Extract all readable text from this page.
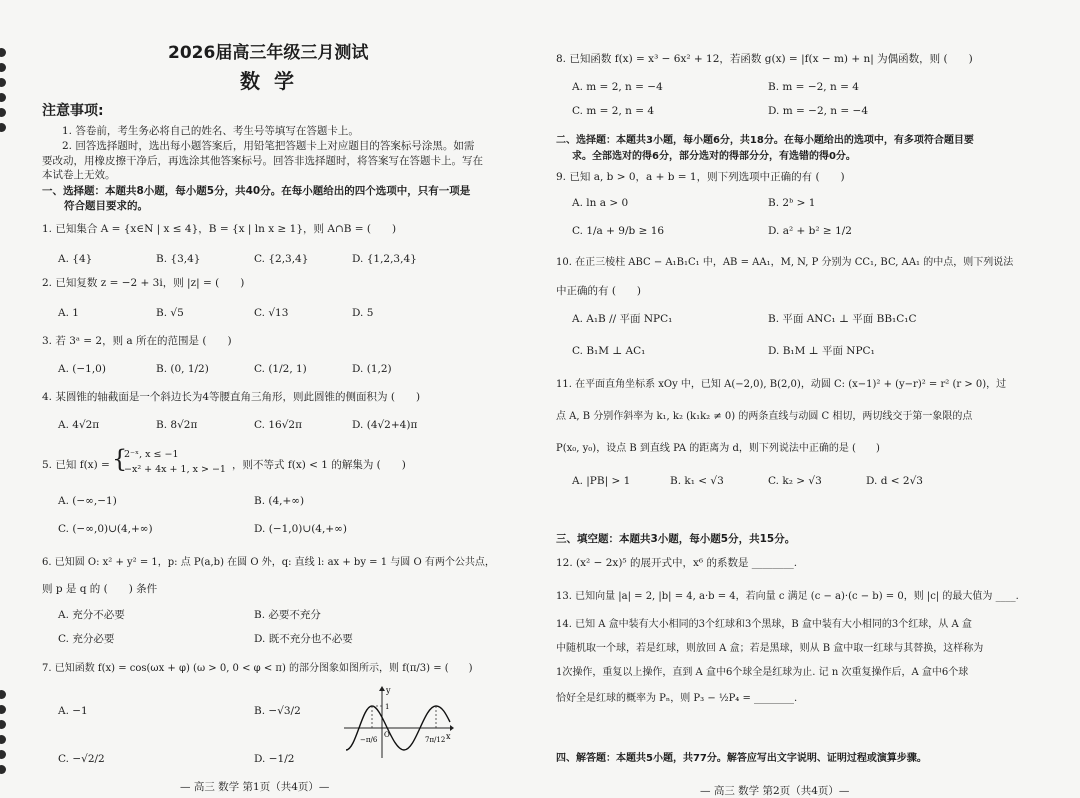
2026届高三年级三月测试
数学
注意事项:
1. 答卷前，考生务必将自己的姓名、考生号等填写在答题卡上。
2. 回答选择题时，选出每小题答案后，用铅笔把答题卡上对应题目的答案标号涂黑。如需
要改动，用橡皮擦干净后，再选涂其他答案标号。回答非选择题时，将答案写在答题卡上。写在
本试卷上无效。
一、选择题：本题共8小题，每小题5分，共40分。在每小题给出的四个选项中，只有一项是
符合题目要求的。
1. 已知集合 A = {x∈N | x ≤ 4}，B = {x | ln x ≥ 1}，则 A∩B = (　　)
A. {4}	B. {3,4}	C. {2,3,4}	D. {1,2,3,4}
2. 已知复数 z = −2 + 3i，则 |z| = (　　)
A. 1	B. √5	C. √13	D. 5
3. 若 3ᵃ = 2，则 a 所在的范围是 (　　)
A. (−1,0)	B. (0, 1/2)	C. (1/2, 1)	D. (1,2)
4. 某圆锥的轴截面是一个斜边长为4等腰直角三角形，则此圆锥的侧面积为 (　　)
A. 4√2π	B. 8√2π	C. 16√2π	D. (4√2+4)π
5. 已知 f(x) = {
2⁻ˣ, x ≤ −1
−x² + 4x + 1, x > −1 ，则不等式 f(x) < 1 的解集为 (　　)
A. (−∞,−1)	B. (4,+∞)
C. (−∞,0)∪(4,+∞)	D. (−1,0)∪(4,+∞)
6. 已知圆 O: x² + y² = 1，p: 点 P(a,b) 在圆 O 外，q: 直线 l: ax + by = 1 与圆 O 有两个公共点，
则 p 是 q 的 (　　) 条件
A. 充分不必要	B. 必要不充分
C. 充分必要	D. 既不充分也不必要
7. 已知函数 f(x) = cos(ωx + φ) (ω > 0, 0 < φ < π) 的部分图象如图所示，则 f(π/3) = (　　)
A. −1	B. −√3/2
C. −√2/2	D. −1/2
y
x
O
1
−π/6	7π/12
— 高三 数学 第1页（共4页）—
8. 已知函数 f(x) = x³ − 6x² + 12，若函数 g(x) = |f(x − m) + n| 为偶函数，则 (　　)
A. m = 2, n = −4	B. m = −2, n = 4
C. m = 2, n = 4	D. m = −2, n = −4
二、选择题：本题共3小题，每小题6分，共18分。在每小题给出的选项中，有多项符合题目要
求。全部选对的得6分，部分选对的得部分分，有选错的得0分。
9. 已知 a, b > 0，a + b = 1，则下列选项中正确的有 (　　)
A. ln a > 0	B. 2ᵇ > 1
C. 1/a + 9/b ≥ 16	D. a² + b² ≥ 1/2
10. 在正三棱柱 ABC − A₁B₁C₁ 中，AB = AA₁，M, N, P 分别为 CC₁, BC, AA₁ 的中点，则下列说法
中正确的有 (　　)
A. A₁B // 平面 NPC₁	B. 平面 ANC₁ ⊥ 平面 BB₁C₁C
C. B₁M ⊥ AC₁	D. B₁M ⊥ 平面 NPC₁
11. 在平面直角坐标系 xOy 中，已知 A(−2,0), B(2,0)，动圆 C: (x−1)² + (y−r)² = r² (r > 0)，过
点 A, B 分别作斜率为 k₁, k₂ (k₁k₂ ≠ 0) 的两条直线与动圆 C 相切，两切线交于第一象限的点
P(x₀, y₀)，设点 B 到直线 PA 的距离为 d，则下列说法中正确的是 (　　)
A. |PB| > 1	B. k₁ < √3	C. k₂ > √3	D. d < 2√3
三、填空题：本题共3小题，每小题5分，共15分。
12. (x² − 2x)⁵ 的展开式中，x⁶ 的系数是 ________.
13. 已知向量 |a| = 2, |b| = 4, a·b = 4，若向量 c 满足 (c − a)·(c − b) = 0，则 |c| 的最大值为 ____.
14. 已知 A 盒中装有大小相同的3个红球和3个黑球，B 盒中装有大小相同的3个红球，从 A 盒
中随机取一个球，若是红球，则放回 A 盒；若是黑球，则从 B 盒中取一红球与其替换，这样称为
1次操作，重复以上操作，直到 A 盒中6个球全是红球为止. 记 n 次重复操作后，A 盒中6个球
恰好全是红球的概率为 Pₙ，则 P₃ − ½P₄ = ________.
四、解答题：本题共5小题，共77分。解答应写出文字说明、证明过程或演算步骤。
— 高三 数学 第2页（共4页）—
